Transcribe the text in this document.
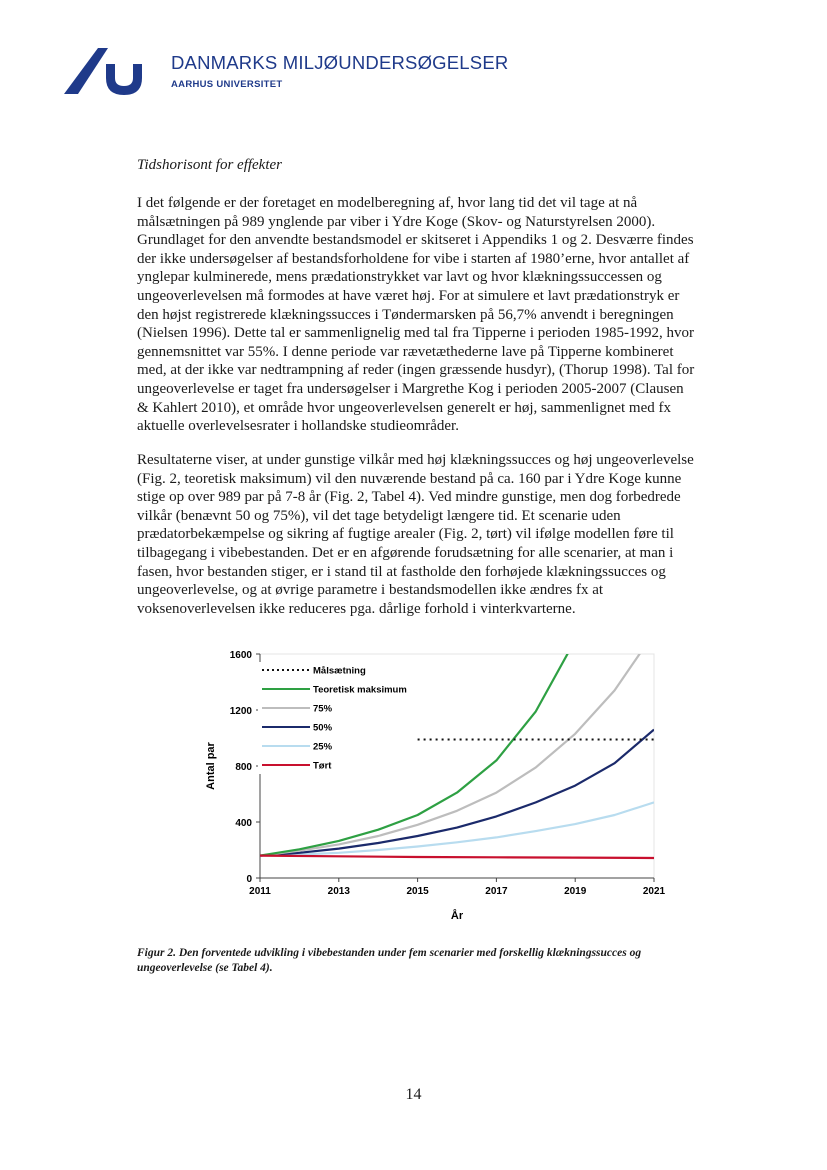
DANMARKS MILJØUNDERSØGELSER
AARHUS UNIVERSITET
Tidshorisont for effekter

I det følgende er der foretaget en modelberegning af, hvor lang tid det vil tage at nå målsætningen på 989 ynglende par viber i Ydre Koge (Skov- og Naturstyrelsen 2000). Grundlaget for den anvendte bestandsmodel er skitseret i Appendiks 1 og 2. Desværre findes der ikke undersøgelser af bestandsforholdene for vibe i starten af 1980’erne, hvor antallet af ynglepar kulminerede, mens prædationstrykket var lavt og hvor klækningssuccessen og ungeoverlevelsen må formodes at have været høj. For at simulere et lavt prædationstryk er den højst registrerede klækningssucces i Tøndermarsken på 56,7% anvendt i beregningen (Nielsen 1996). Dette tal er sammenlignelig med tal fra Tipperne i perioden 1985-1992, hvor gennemsnittet var 55%. I denne periode var rævetæthederne lave på Tipperne kombineret med, at der ikke var nedtrampning af reder (ingen græssende husdyr), (Thorup 1998). Tal for ungeoverlevelse er taget fra undersøgelser i Margrethe Kog i perioden 2005-2007 (Clausen & Kahlert 2010), et område hvor ungeoverlevelsen generelt er høj, sammenlignet med fx aktuelle overlevelsesrater i hollandske studieområder.

Resultaterne viser, at under gunstige vilkår med høj klækningssucces og høj ungeoverlevelse (Fig. 2, teoretisk maksimum) vil den nuværende bestand på ca. 160 par i Ydre Koge kunne stige op over 989 par på 7-8 år (Fig. 2, Tabel 4). Ved mindre gunstige, men dog forbedrede vilkår (benævnt 50 og 75%), vil det tage betydeligt længere tid. Et scenarie uden prædatorbekæmpelse og sikring af fugtige arealer (Fig. 2, tørt) vil ifølge modellen føre til tilbagegang i vibebestanden. Det er en afgørende forudsætning for alle scenarier, at man i fasen, hvor bestanden stiger, er i stand til at fastholde den forhøjede klækningssucces og ungeoverlevelse, og at øvrige parametre i bestandsmodellen ikke ændres fx at voksenoverlevelsen ikke reduceres pga. dårlige forhold i vinterkvarterne.

0
400
800
1200
1600
2011	2013	2015	2017	2019	2021
Målsætning
Teoretisk maksimum
75%
50%
25%
Tørt
Antal par
År

Figur 2. Den forventede udvikling i vibebestanden under fem scenarier med forskellig klækningssucces og ungeoverlevelse (se Tabel 4).

14
